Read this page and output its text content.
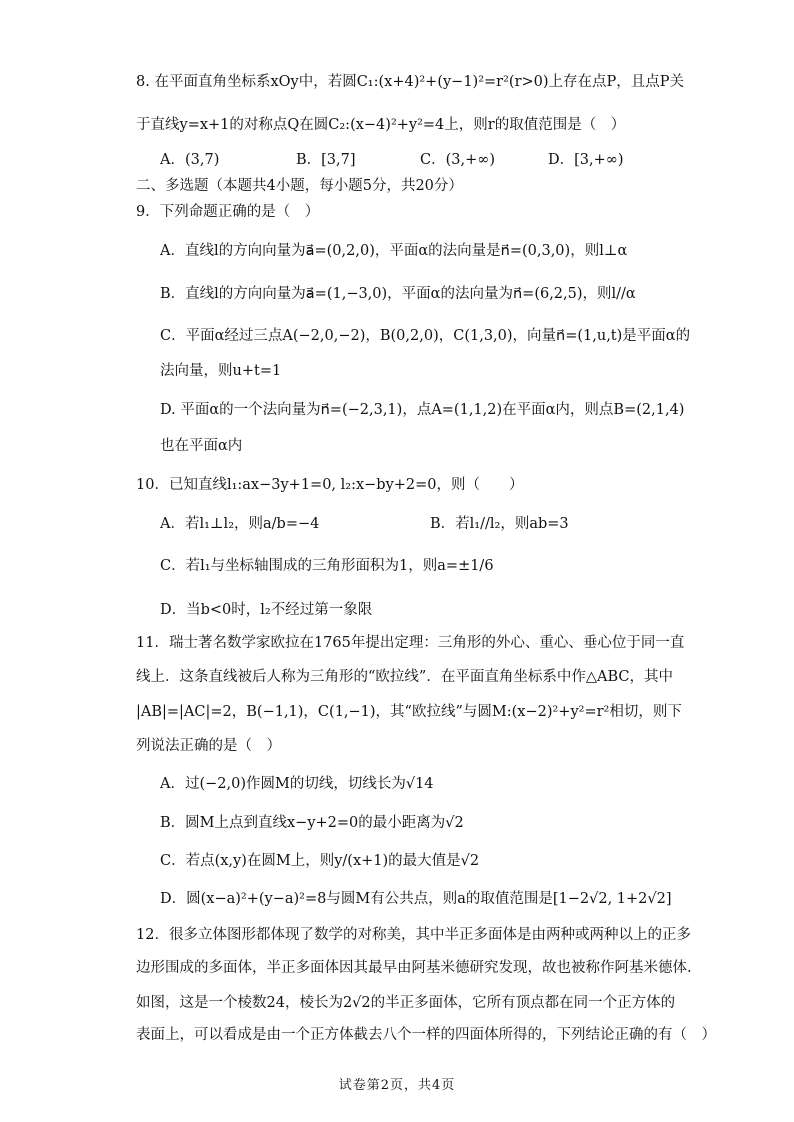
8. 在平面直角坐标系xOy中，若圆C₁:(x+4)²+(y−1)²=r²(r>0)上存在点P，且点P关
于直线y=x+1的对称点Q在圆C₂:(x−4)²+y²=4上，则r的取值范围是（　）
二、多选题（本题共4小题，每小题5分，共20分）
9．下列命题正确的是（　）
A．直线l的方向向量为a⃗=(0,2,0)，平面α的法向量是n⃗=(0,3,0)，则l⊥α
B．直线l的方向向量为a⃗=(1,−3,0)，平面α的法向量为n⃗=(6,2,5)，则l//α
C．平面α经过三点A(−2,0,−2)，B(0,2,0)，C(1,3,0)，向量n⃗=(1,u,t)是平面α的
法向量，则u+t=1
D. 平面α的一个法向量为n⃗=(−2,3,1)，点A=(1,1,2)在平面α内，则点B=(2,1,4)
也在平面α内
10．已知直线l₁:ax−3y+1=0, l₂:x−by+2=0，则（　　）
C．若l₁与坐标轴围成的三角形面积为1，则a=±1/6
D．当b<0时，l₂不经过第一象限
11．瑞士著名数学家欧拉在1765年提出定理：三角形的外心、重心、垂心位于同一直
线上．这条直线被后人称为三角形的“欧拉线”．在平面直角坐标系中作△ABC，其中
|AB|=|AC|=2，B(−1,1)，C(1,−1)，其“欧拉线”与圆M:(x−2)²+y²=r²相切，则下
列说法正确的是（　）
A．过(−2,0)作圆M的切线，切线长为√14
B．圆M上点到直线x−y+2=0的最小距离为√2
C．若点(x,y)在圆M上，则y/(x+1)的最大值是√2
D．圆(x−a)²+(y−a)²=8与圆M有公共点，则a的取值范围是[1−2√2, 1+2√2]
12．很多立体图形都体现了数学的对称美，其中半正多面体是由两种或两种以上的正多
边形围成的多面体，半正多面体因其最早由阿基米德研究发现，故也被称作阿基米德体.
如图，这是一个棱数24，棱长为2√2的半正多面体，它所有顶点都在同一个正方体的
表面上，可以看成是由一个正方体截去八个一样的四面体所得的，下列结论正确的有（　）
A．(3,7)	B．[3,7]	C．(3,+∞)	D．[3,+∞)
A．若l₁⊥l₂，则a/b=−4	B．若l₁//l₂，则ab=3
试卷第2页，共4页
